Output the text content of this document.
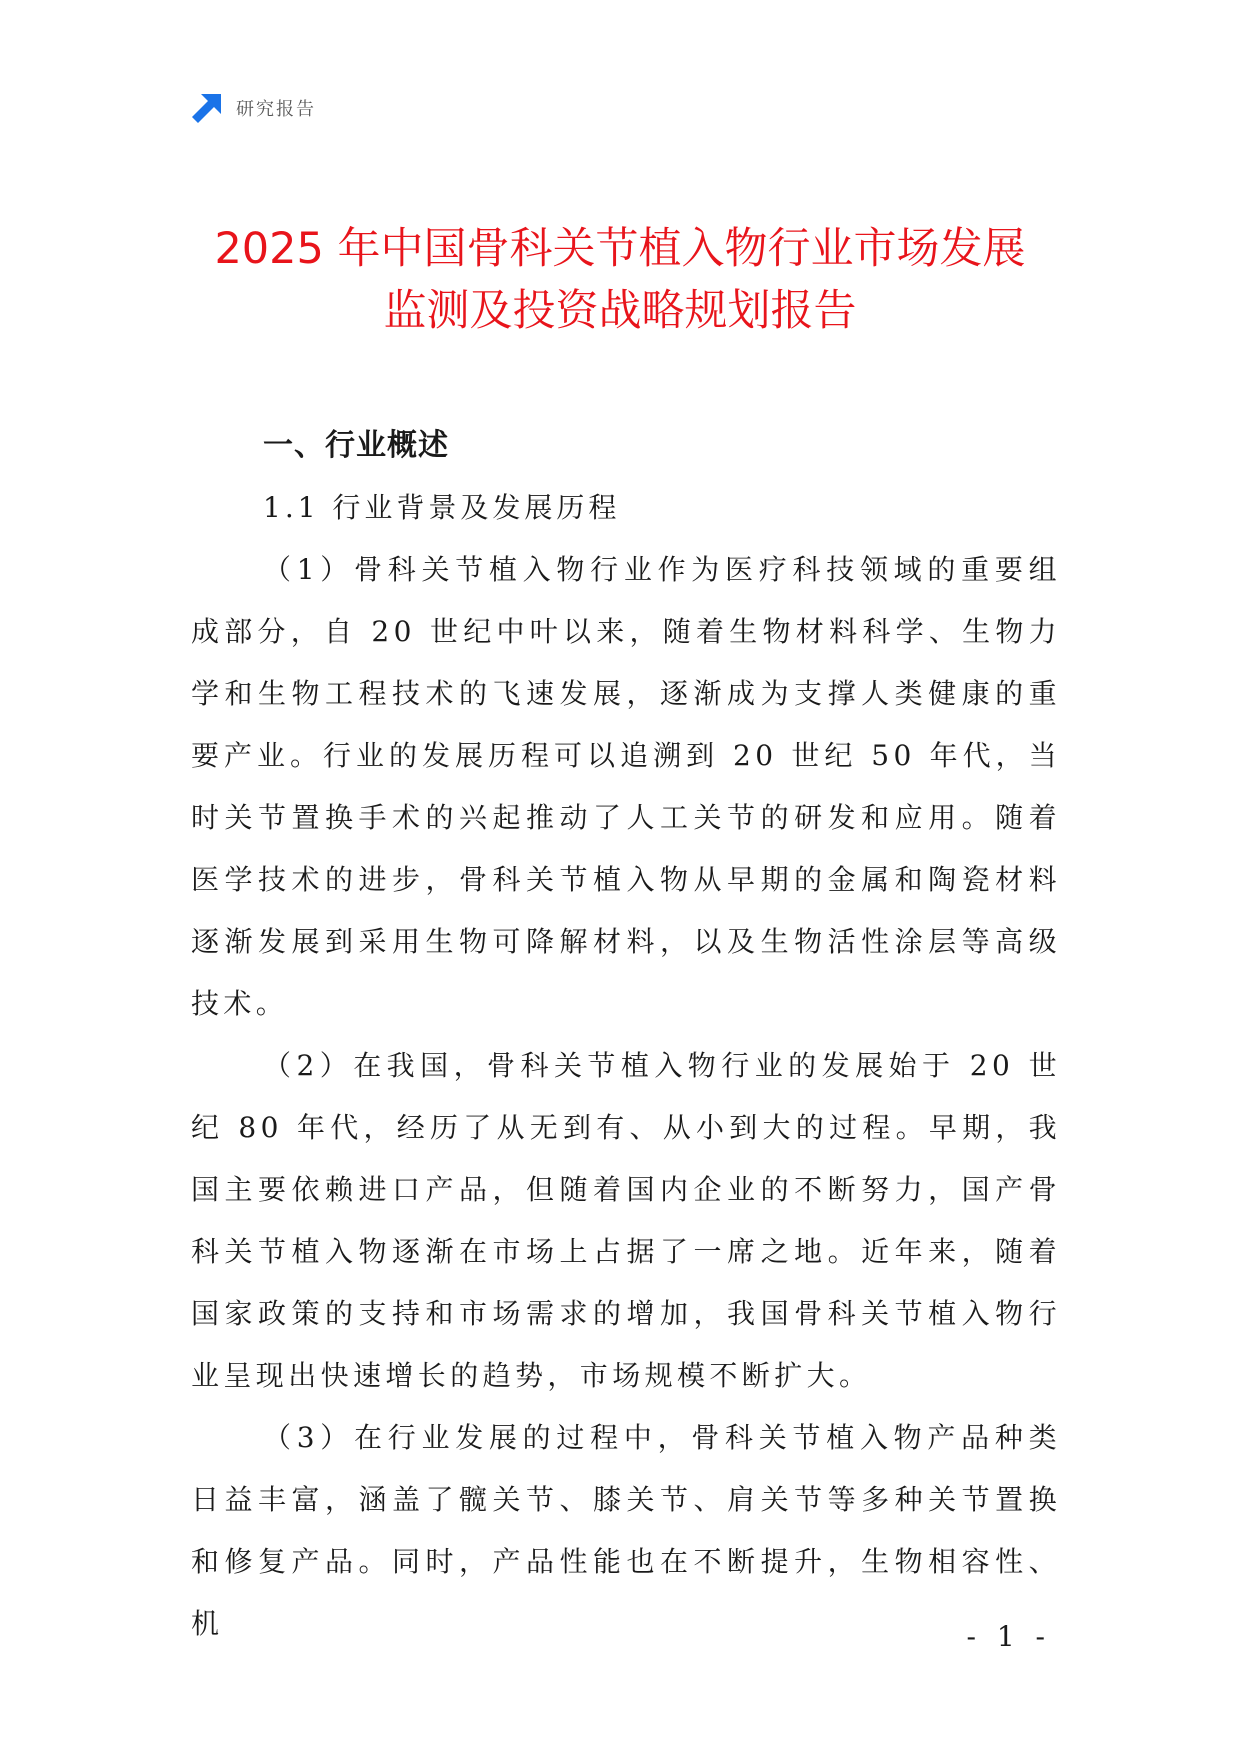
研究报告
2025 年中国骨科关节植入物行业市场发展
监测及投资战略规划报告
一、行业概述
1.1 行业背景及发展历程

（1）骨科关节植入物行业作为医疗科技领域的重要组成部分，自 20 世纪中叶以来，随着生物材料科学、生物力学和生物工程技术的飞速发展，逐渐成为支撑人类健康的重要产业。行业的发展历程可以追溯到 20 世纪 50 年代，当时关节置换手术的兴起推动了人工关节的研发和应用。随着医学技术的进步，骨科关节植入物从早期的金属和陶瓷材料逐渐发展到采用生物可降解材料，以及生物活性涂层等高级技术。

（2）在我国，骨科关节植入物行业的发展始于 20 世纪 80 年代，经历了从无到有、从小到大的过程。早期，我国主要依赖进口产品，但随着国内企业的不断努力，国产骨科关节植入物逐渐在市场上占据了一席之地。近年来，随着国家政策的支持和市场需求的增加，我国骨科关节植入物行业呈现出快速增长的趋势，市场规模不断扩大。

（3）在行业发展的过程中，骨科关节植入物产品种类日益丰富，涵盖了髋关节、膝关节、肩关节等多种关节置换和修复产品。同时，产品性能也在不断提升，生物相容性、机	- 1 -
